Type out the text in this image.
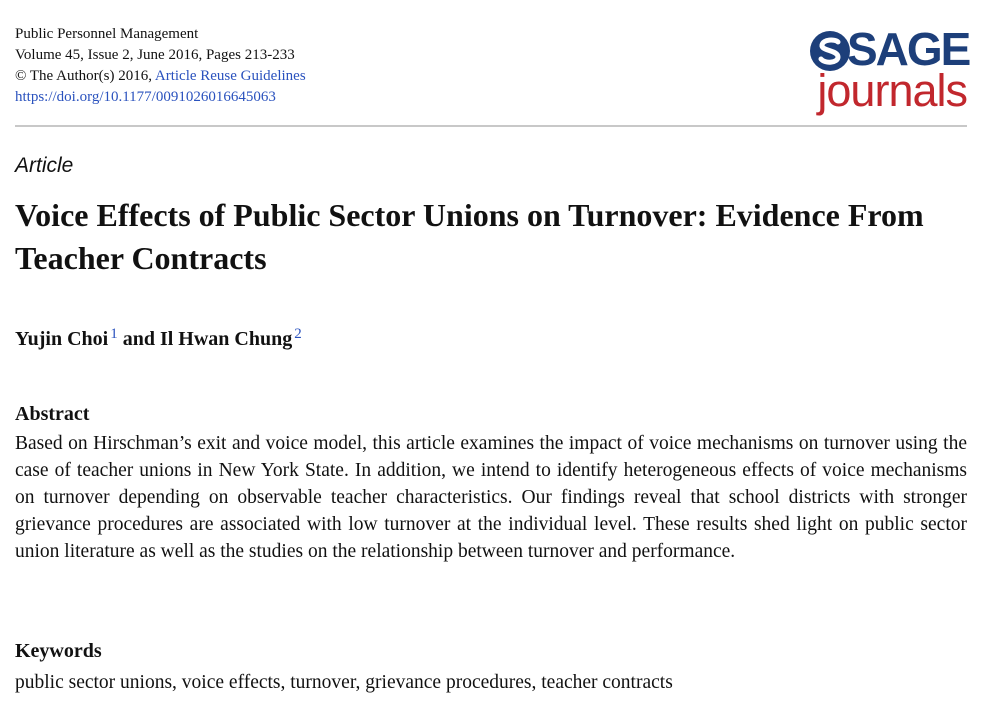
Public Personnel Management
Volume 45, Issue 2, June 2016, Pages 213-233
© The Author(s) 2016, Article Reuse Guidelines
https://doi.org/10.1177/0091026016645063
SAGE
journals
Article
Voice Effects of Public Sector Unions on Turnover: Evidence From Teacher Contracts
Yujin Choi $^1$ and Il Hwan Chung $^2$
Abstract

Based on Hirschman’s exit and voice model, this article examines the impact of voice mechanisms on turnover using the case of teacher unions in New York State. In addition, we intend to identify heterogeneous effects of voice mechanisms on turnover depending on observable teacher characteristics. Our findings reveal that school districts with stronger grievance procedures are associated with low turnover at the individual level. These results shed light on public sector union literature as well as the studies on the relationship between turnover and performance.

Keywords
public sector unions, voice effects, turnover, grievance procedures, teacher contracts
